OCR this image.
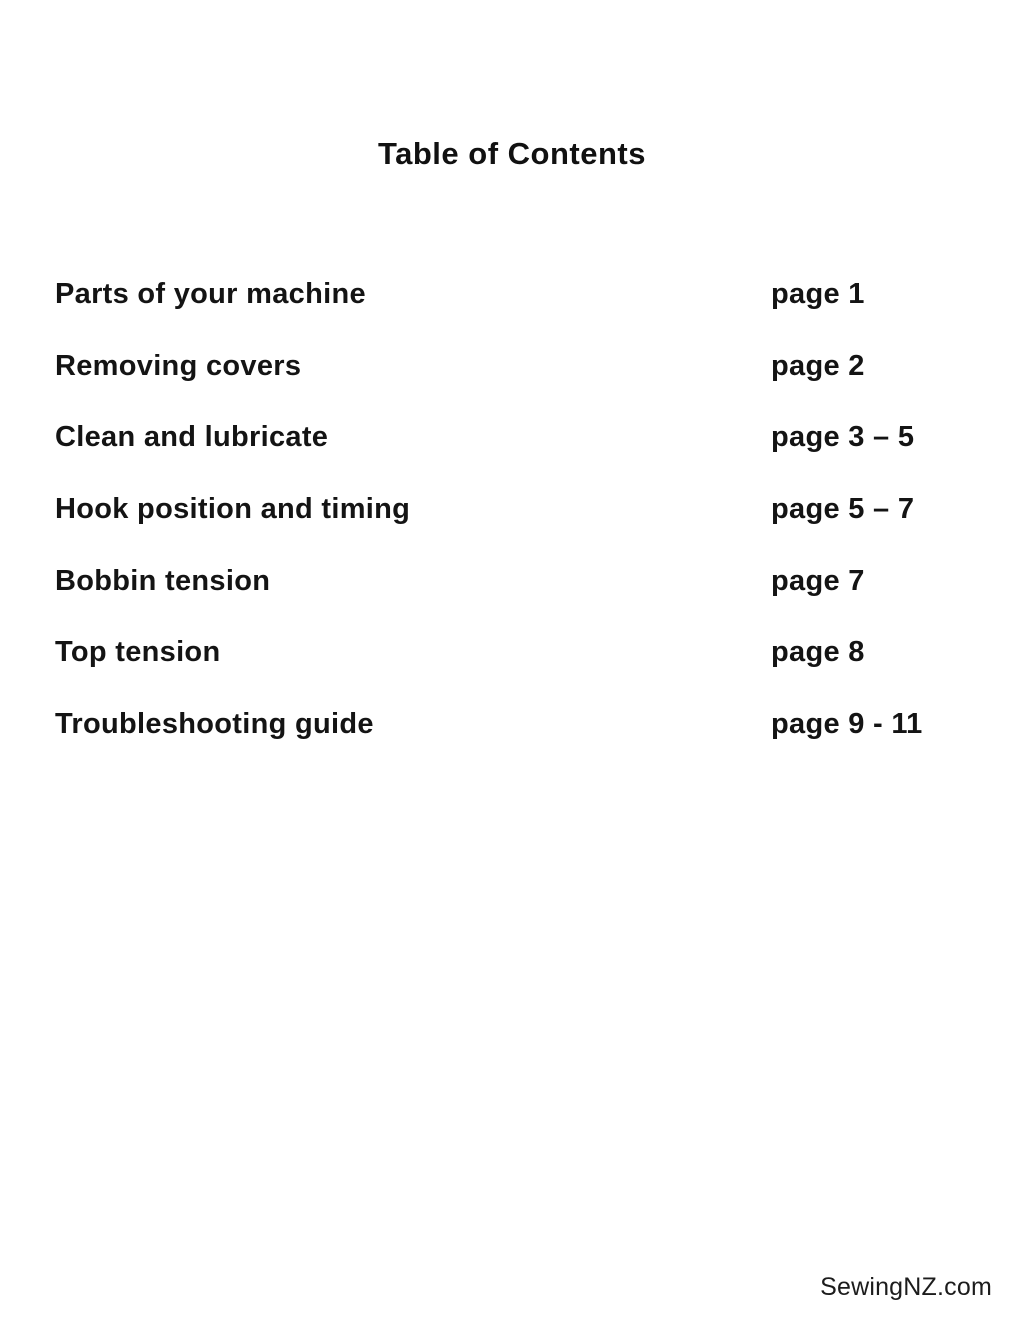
Table of Contents
Parts of your machine	page 1
Removing covers	page 2
Clean and lubricate	page 3 – 5
Hook position and timing	page 5 – 7
Bobbin tension	page 7
Top tension	page 8
Troubleshooting guide	page 9 - 11
SewingNZ.com
